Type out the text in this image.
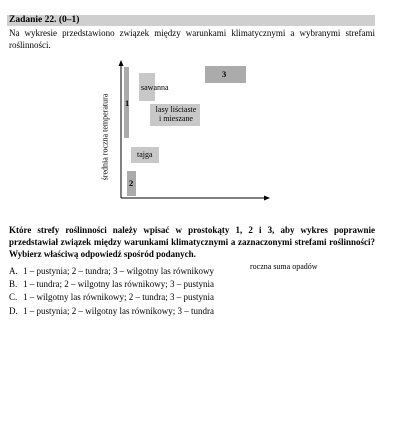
Zadanie 22. (0–1)
Na wykresie przedstawiono związek między warunkami klimatycznymi a wybranymi strefami roślinności.
1
2
3
sawanna
lasy liściaste
i mieszane
tajga
średnia roczna temperatura
roczna suma opadów
Które strefy roślinności należy wpisać w prostokąty 1, 2 i 3, aby wykres poprawnie przedstawiał związek między warunkami klimatycznymi a zaznaczonymi strefami roślinności? Wybierz właściwą odpowiedź spośród podanych.
A. 1 – pustynia; 2 – tundra; 3 – wilgotny las równikowy
B. 1 – tundra; 2 – wilgotny las równikowy; 3 – pustynia
C. 1 – wilgotny las równikowy; 2 – tundra; 3 – pustynia
D. 1 – pustynia; 2 – wilgotny las równikowy; 3 – tundra
